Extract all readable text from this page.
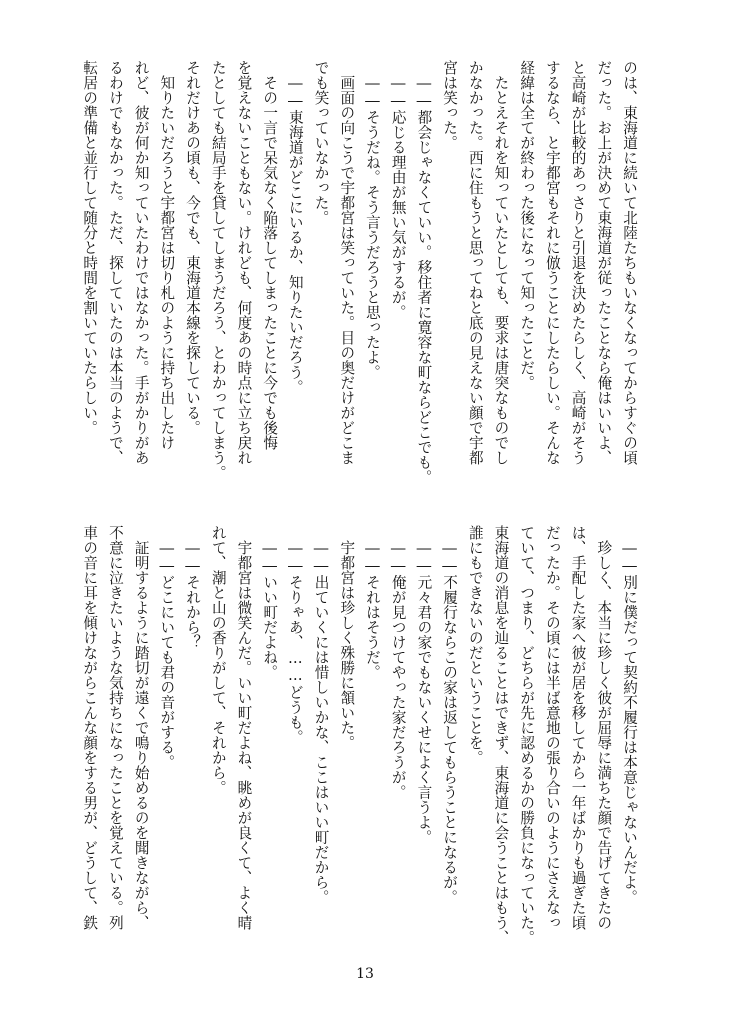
のは、東海道に続いて北陸たちもいなくなってからすぐの頃
だった。お上が決めて東海道が従ったことなら俺はいいよ、
と高崎が比較的あっさりと引退を決めたらしく、高崎がそう
するなら、と宇都宮もそれに倣うことにしたらしい。そんな
経緯は全てが終わった後になって知ったことだ。
　たとえそれを知っていたとしても、要求は唐突なものでし
かなかった。西に住もうと思ってねと底の見えない顔で宇都
宮は笑った。
　――都会じゃなくていい。移住者に寛容な町ならどこでも。
　――応じる理由が無い気がするが。
　――そうだね。そう言うだろうと思ったよ。
　画面の向こうで宇都宮は笑っていた。目の奥だけがどこま
でも笑っていなかった。
　――東海道がどこにいるか、知りたいだろう。
　その一言で呆気なく陥落してしまったことに今でも後悔
を覚えないこともない。けれども、何度あの時点に立ち戻れ
たとしても結局手を貸してしまうだろう、とわかってしまう。
それだけあの頃も、今でも、東海道本線を探している。
　知りたいだろうと宇都宮は切り札のように持ち出したけ
れど、彼が何か知っていたわけではなかった。手がかりがあ
るわけでもなかった。ただ、探していたのは本当のようで、
転居の準備と並行して随分と時間を割いていたらしい。
　――別に僕だって契約不履行は本意じゃないんだよ。
　珍しく、本当に珍しく彼が屈辱に満ちた顔で告げてきたの
は、手配した家へ彼が居を移してから一年ばかりも過ぎた頃
だったか。その頃には半ば意地の張り合いのようにさえなっ
ていて、つまり、どちらが先に認めるかの勝負になっていた。
東海道の消息を辿ることはできず、東海道に会うことはもう、
誰にもできないのだということを。
　――不履行ならこの家は返してもらうことになるが。
　――元々君の家でもないくせによく言うよ。
　――俺が見つけてやった家だろうが。
　――それはそうだ。
　宇都宮は珍しく殊勝に頷いた。
　――出ていくには惜しいかな、ここはいい町だから。
　――そりゃあ、……どうも。
　――いい町だよね。
　宇都宮は微笑んだ。いい町だよね、眺めが良くて、よく晴
れて、潮と山の香りがして、それから。
　――それから？
　――どこにいても君の音がする。
　証明するように踏切が遠くで鳴り始めるのを聞きながら、
不意に泣きたいような気持ちになったことを覚えている。列
車の音に耳を傾けながらこんな顔をする男が、どうして、鉄
13
